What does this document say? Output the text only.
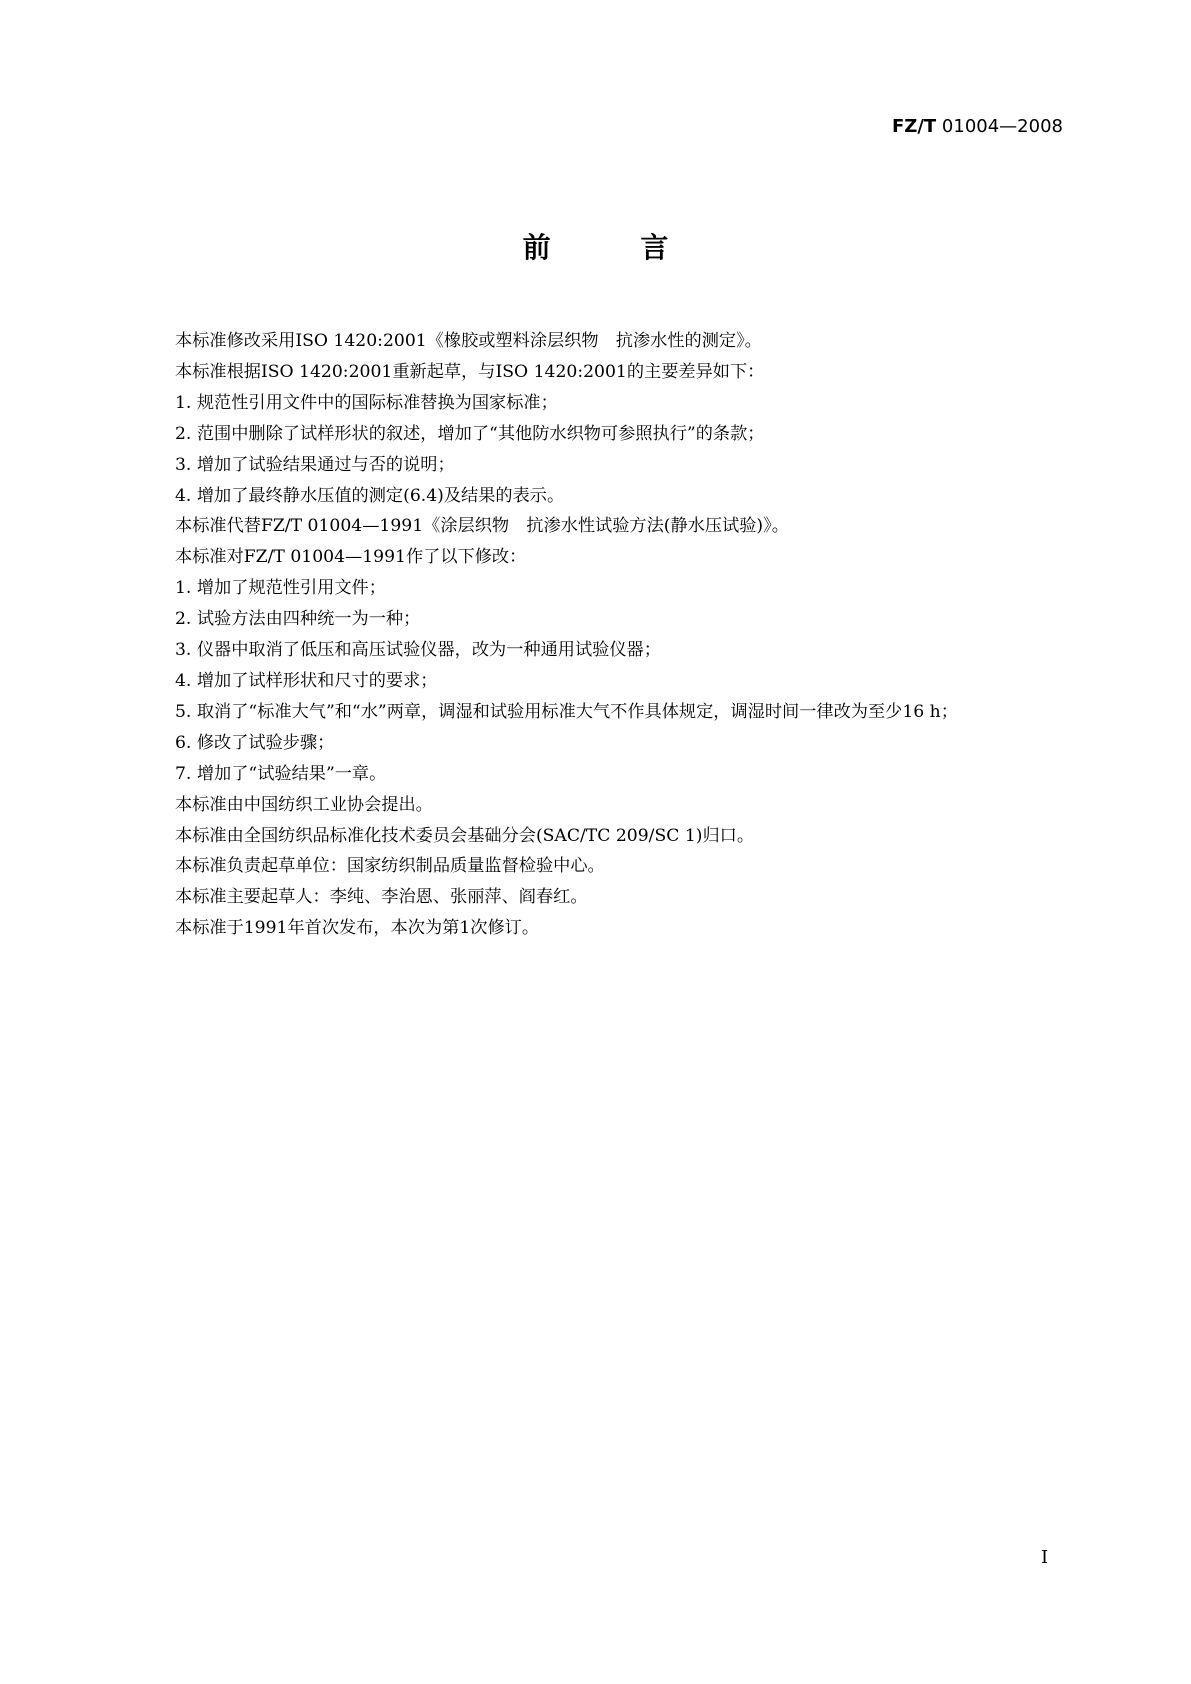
FZ/T 01004—2008
前 言

本标准修改采用ISO 1420:2001《橡胶或塑料涂层织物　抗渗水性的测定》。

本标准根据ISO 1420:2001重新起草，与ISO 1420:2001的主要差异如下：

1. 规范性引用文件中的国际标准替换为国家标准；

2. 范围中删除了试样形状的叙述，增加了“其他防水织物可参照执行”的条款；

3. 增加了试验结果通过与否的说明；

4. 增加了最终静水压值的测定(6.4)及结果的表示。

本标准代替FZ/T 01004—1991《涂层织物　抗渗水性试验方法(静水压试验)》。

本标准对FZ/T 01004—1991作了以下修改：

1. 增加了规范性引用文件；

2. 试验方法由四种统一为一种；

3. 仪器中取消了低压和高压试验仪器，改为一种通用试验仪器；

4. 增加了试样形状和尺寸的要求；

5. 取消了“标准大气”和“水”两章，调湿和试验用标准大气不作具体规定，调湿时间一律改为至少16 h；

6. 修改了试验步骤；

7. 增加了“试验结果”一章。

本标准由中国纺织工业协会提出。

本标准由全国纺织品标准化技术委员会基础分会(SAC/TC 209/SC 1)归口。

本标准负责起草单位：国家纺织制品质量监督检验中心。

本标准主要起草人：李纯、李治恩、张丽萍、阎春红。

本标准于1991年首次发布，本次为第1次修订。

I
